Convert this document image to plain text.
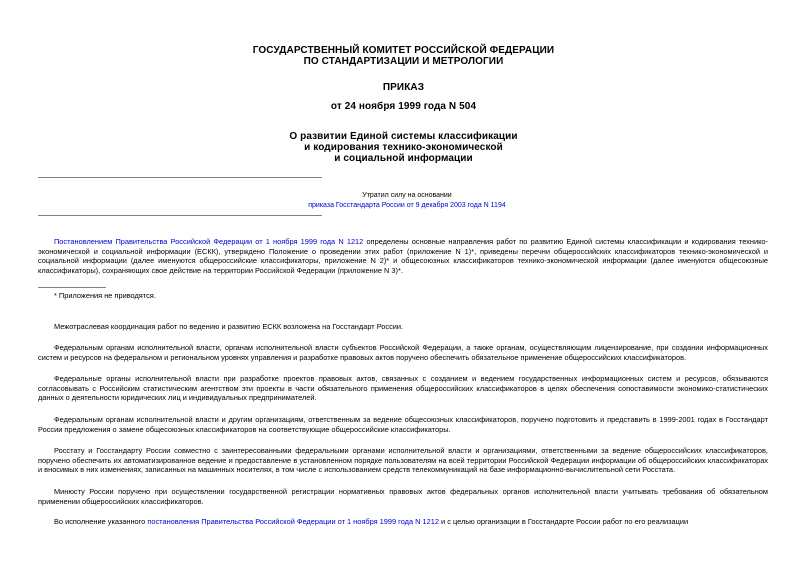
ГОСУДАРСТВЕННЫЙ КОМИТЕТ РОССИЙСКОЙ ФЕДЕРАЦИИ
ПО СТАНДАРТИЗАЦИИ И МЕТРОЛОГИИ
ПРИКАЗ
от 24 ноября 1999 года N 504
О развитии Единой системы классификации
и кодирования технико-экономической
и социальной информации
Утратил силу на основании
приказа Госстандарта России от 9 декабря 2003 года N 1194

Постановлением Правительства Российской Федерации от 1 ноября 1999 года N 1212 определены основные направления работ по развитию Единой системы классификации и кодирования технико-экономической и социальной информации (ЕСКК), утверждено Положение о проведении этих работ (приложение N 1)*, приведены перечни общероссийских классификаторов технико-экономической и социальной информации (далее именуются общероссийские классификаторы, приложение N 2)* и общесоюзных классификаторов технико-экономической информации (далее именуются общесоюзные классификаторы), сохраняющих свое действие на территории Российской Федерации (приложение N 3)*.

* Приложения не приводятся.

Межотраслевая координация работ по ведению и развитию ЕСКК возложена на Госстандарт России.

Федеральным органам исполнительной власти, органам исполнительной власти субъектов Российской Федерации, а также органам, осуществляющим лицензирование, при создании информационных систем и ресурсов на федеральном и региональном уровнях управления и разработке правовых актов поручено обеспечить обязательное применение общероссийских классификаторов.

Федеральные органы исполнительной власти при разработке проектов правовых актов, связанных с созданием и ведением государственных информационных систем и ресурсов, обязываются согласовывать с Российским статистическим агентством эти проекты в части обязательного применения общероссийских классификаторов в целях обеспечения сопоставимости экономико-статистических данных о деятельности юридических лиц и индивидуальных предпринимателей.

Федеральным органам исполнительной власти и другим организациям, ответственным за ведение общесоюзных классификаторов, поручено подготовить и представить в 1999-2001 годах в Госстандарт России предложения о замене общесоюзных классификаторов на соответствующие общероссийские классификаторы.

Росстату и Госстандарту России совместно с заинтересованными федеральными органами исполнительной власти и организациями, ответственными за ведение общероссийских классификаторов, поручено обеспечить их автоматизированное ведение и предоставление в установленном порядке пользователям на всей территории Российской Федерации информации об общероссийских классификаторах и вносимых в них изменениях, записанных на машинных носителях, в том числе с использованием средств телекоммуникаций на базе информационно-вычислительной сети Росстата.

Минюсту России поручено при осуществлении государственной регистрации нормативных правовых актов федеральных органов исполнительной власти учитывать требования об обязательном применении общероссийских классификаторов.

Во исполнение указанного постановления Правительства Российской Федерации от 1 ноября 1999 года N 1212 и с целью организации в Госстандарте России работ по его реализации
